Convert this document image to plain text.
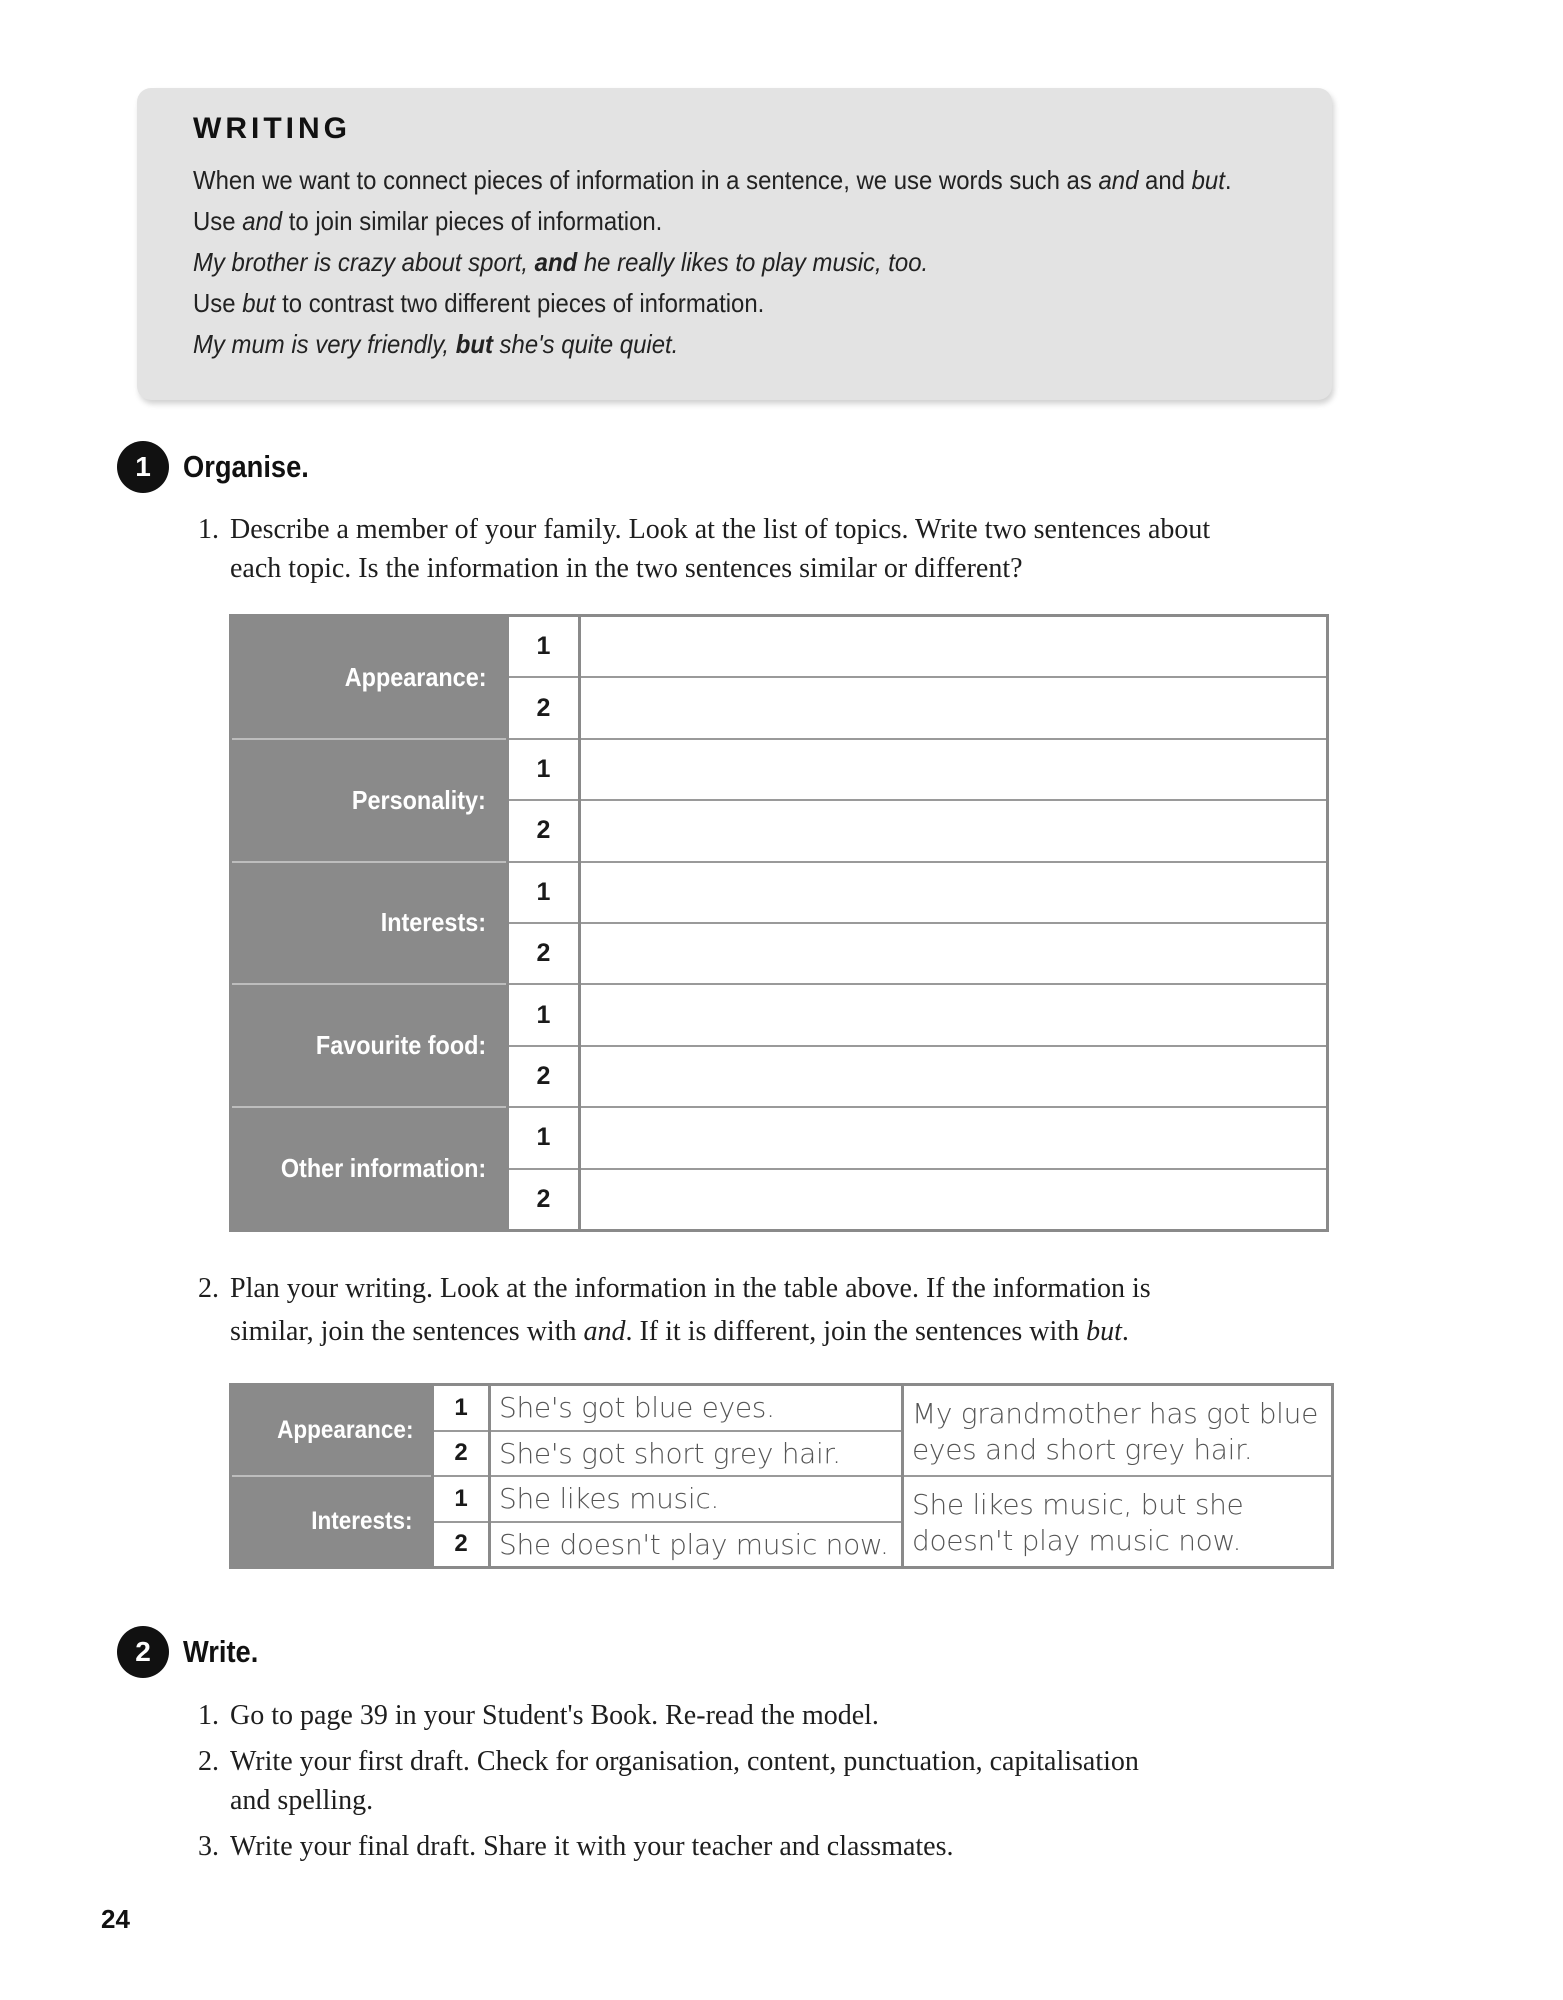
WRITING
When we want to connect pieces of information in a sentence, we use words such as and and but.
Use and to join similar pieces of information.
My brother is crazy about sport, and he really likes to play music, too.
Use but to contrast two different pieces of information.
My mum is very friendly, but she's quite quiet.
1	Organise.
1. Describe a member of your family. Look at the list of topics. Write two sentences about
each topic. Is the information in the two sentences similar or different?
Appearance:
Personality:
Interests:
Favourite food:
Other information:
1
2
1
2
1
2
1
2
1
2
2. Plan your writing. Look at the information in the table above. If the information is
similar, join the sentences with and. If it is different, join the sentences with but.
Appearance:
Interests:
1
2
1
2
She's got blue eyes.
She's got short grey hair.
She likes music.
She doesn't play music now.
My grandmother has got blue eyes and short grey hair.
She likes music, but she doesn't play music now.
2	Write.
1. Go to page 39 in your Student's Book. Re-read the model.
2. Write your first draft. Check for organisation, content, punctuation, capitalisation
and spelling.
3. Write your final draft. Share it with your teacher and classmates.
24
